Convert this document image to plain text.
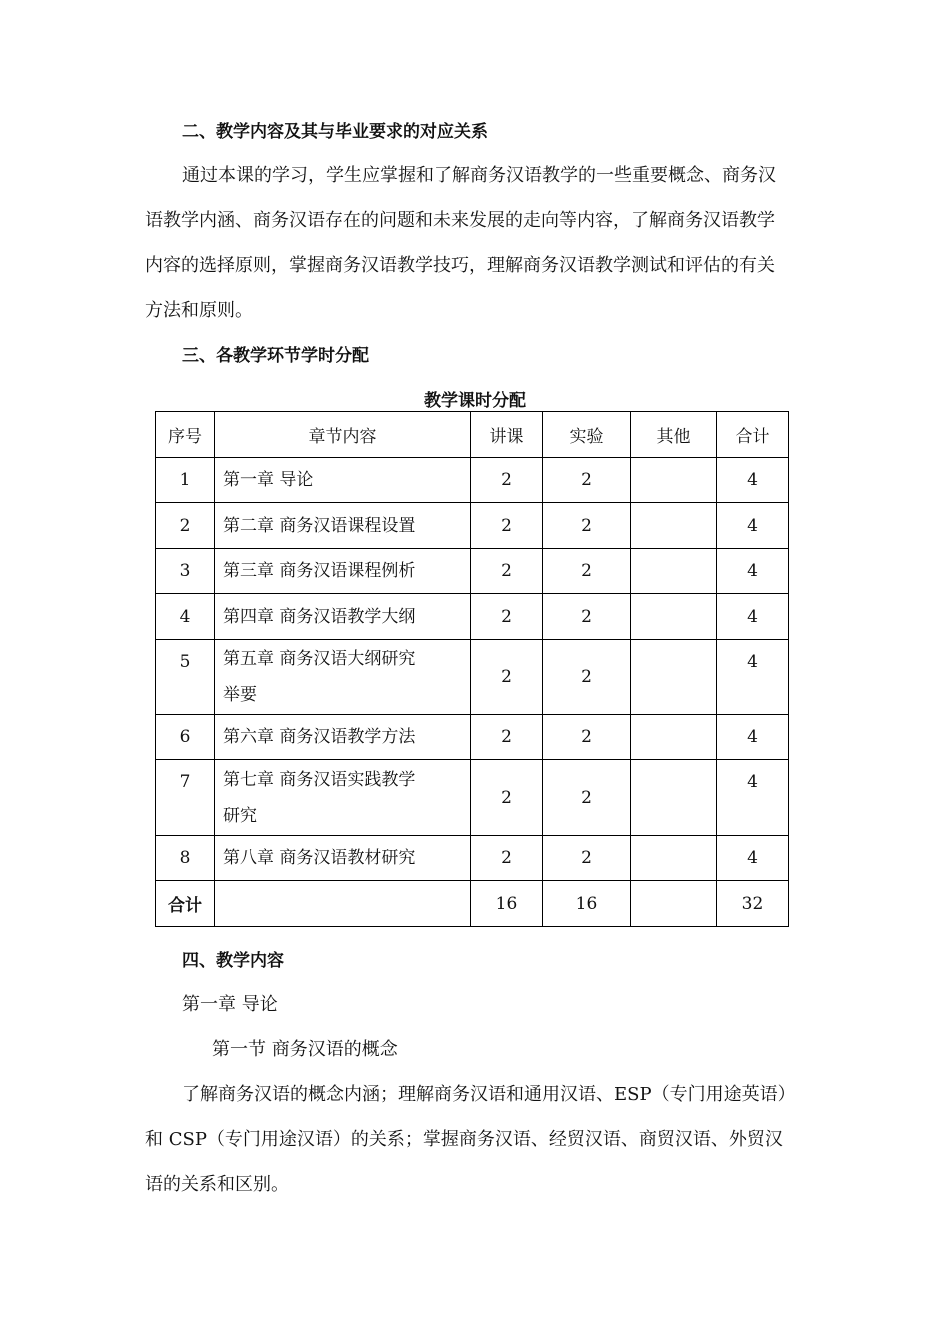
二、教学内容及其与毕业要求的对应关系
通过本课的学习，学生应掌握和了解商务汉语教学的一些重要概念、商务汉
语教学内涵、商务汉语存在的问题和未来发展的走向等内容，了解商务汉语教学
内容的选择原则，掌握商务汉语教学技巧，理解商务汉语教学测试和评估的有关
方法和原则。
三、各教学环节学时分配
教学课时分配
序号	章节内容	讲课	实验	其他	合计
1	第一章 导论	2	2		4
2	第二章 商务汉语课程设置	2	2		4
3	第三章 商务汉语课程例析	2	2		4
4	第四章 商务汉语教学大纲	2	2		4
5	第五章 商务汉语大纲研究
举要	2	2		4
6	第六章 商务汉语教学方法	2	2		4
7	第七章 商务汉语实践教学
研究	2	2		4
8	第八章 商务汉语教材研究	2	2		4
合计		16	16		32
四、教学内容
第一章 导论
第一节 商务汉语的概念
了解商务汉语的概念内涵；理解商务汉语和通用汉语、ESP（专门用途英语）
和 CSP（专门用途汉语）的关系；掌握商务汉语、经贸汉语、商贸汉语、外贸汉
语的关系和区别。
